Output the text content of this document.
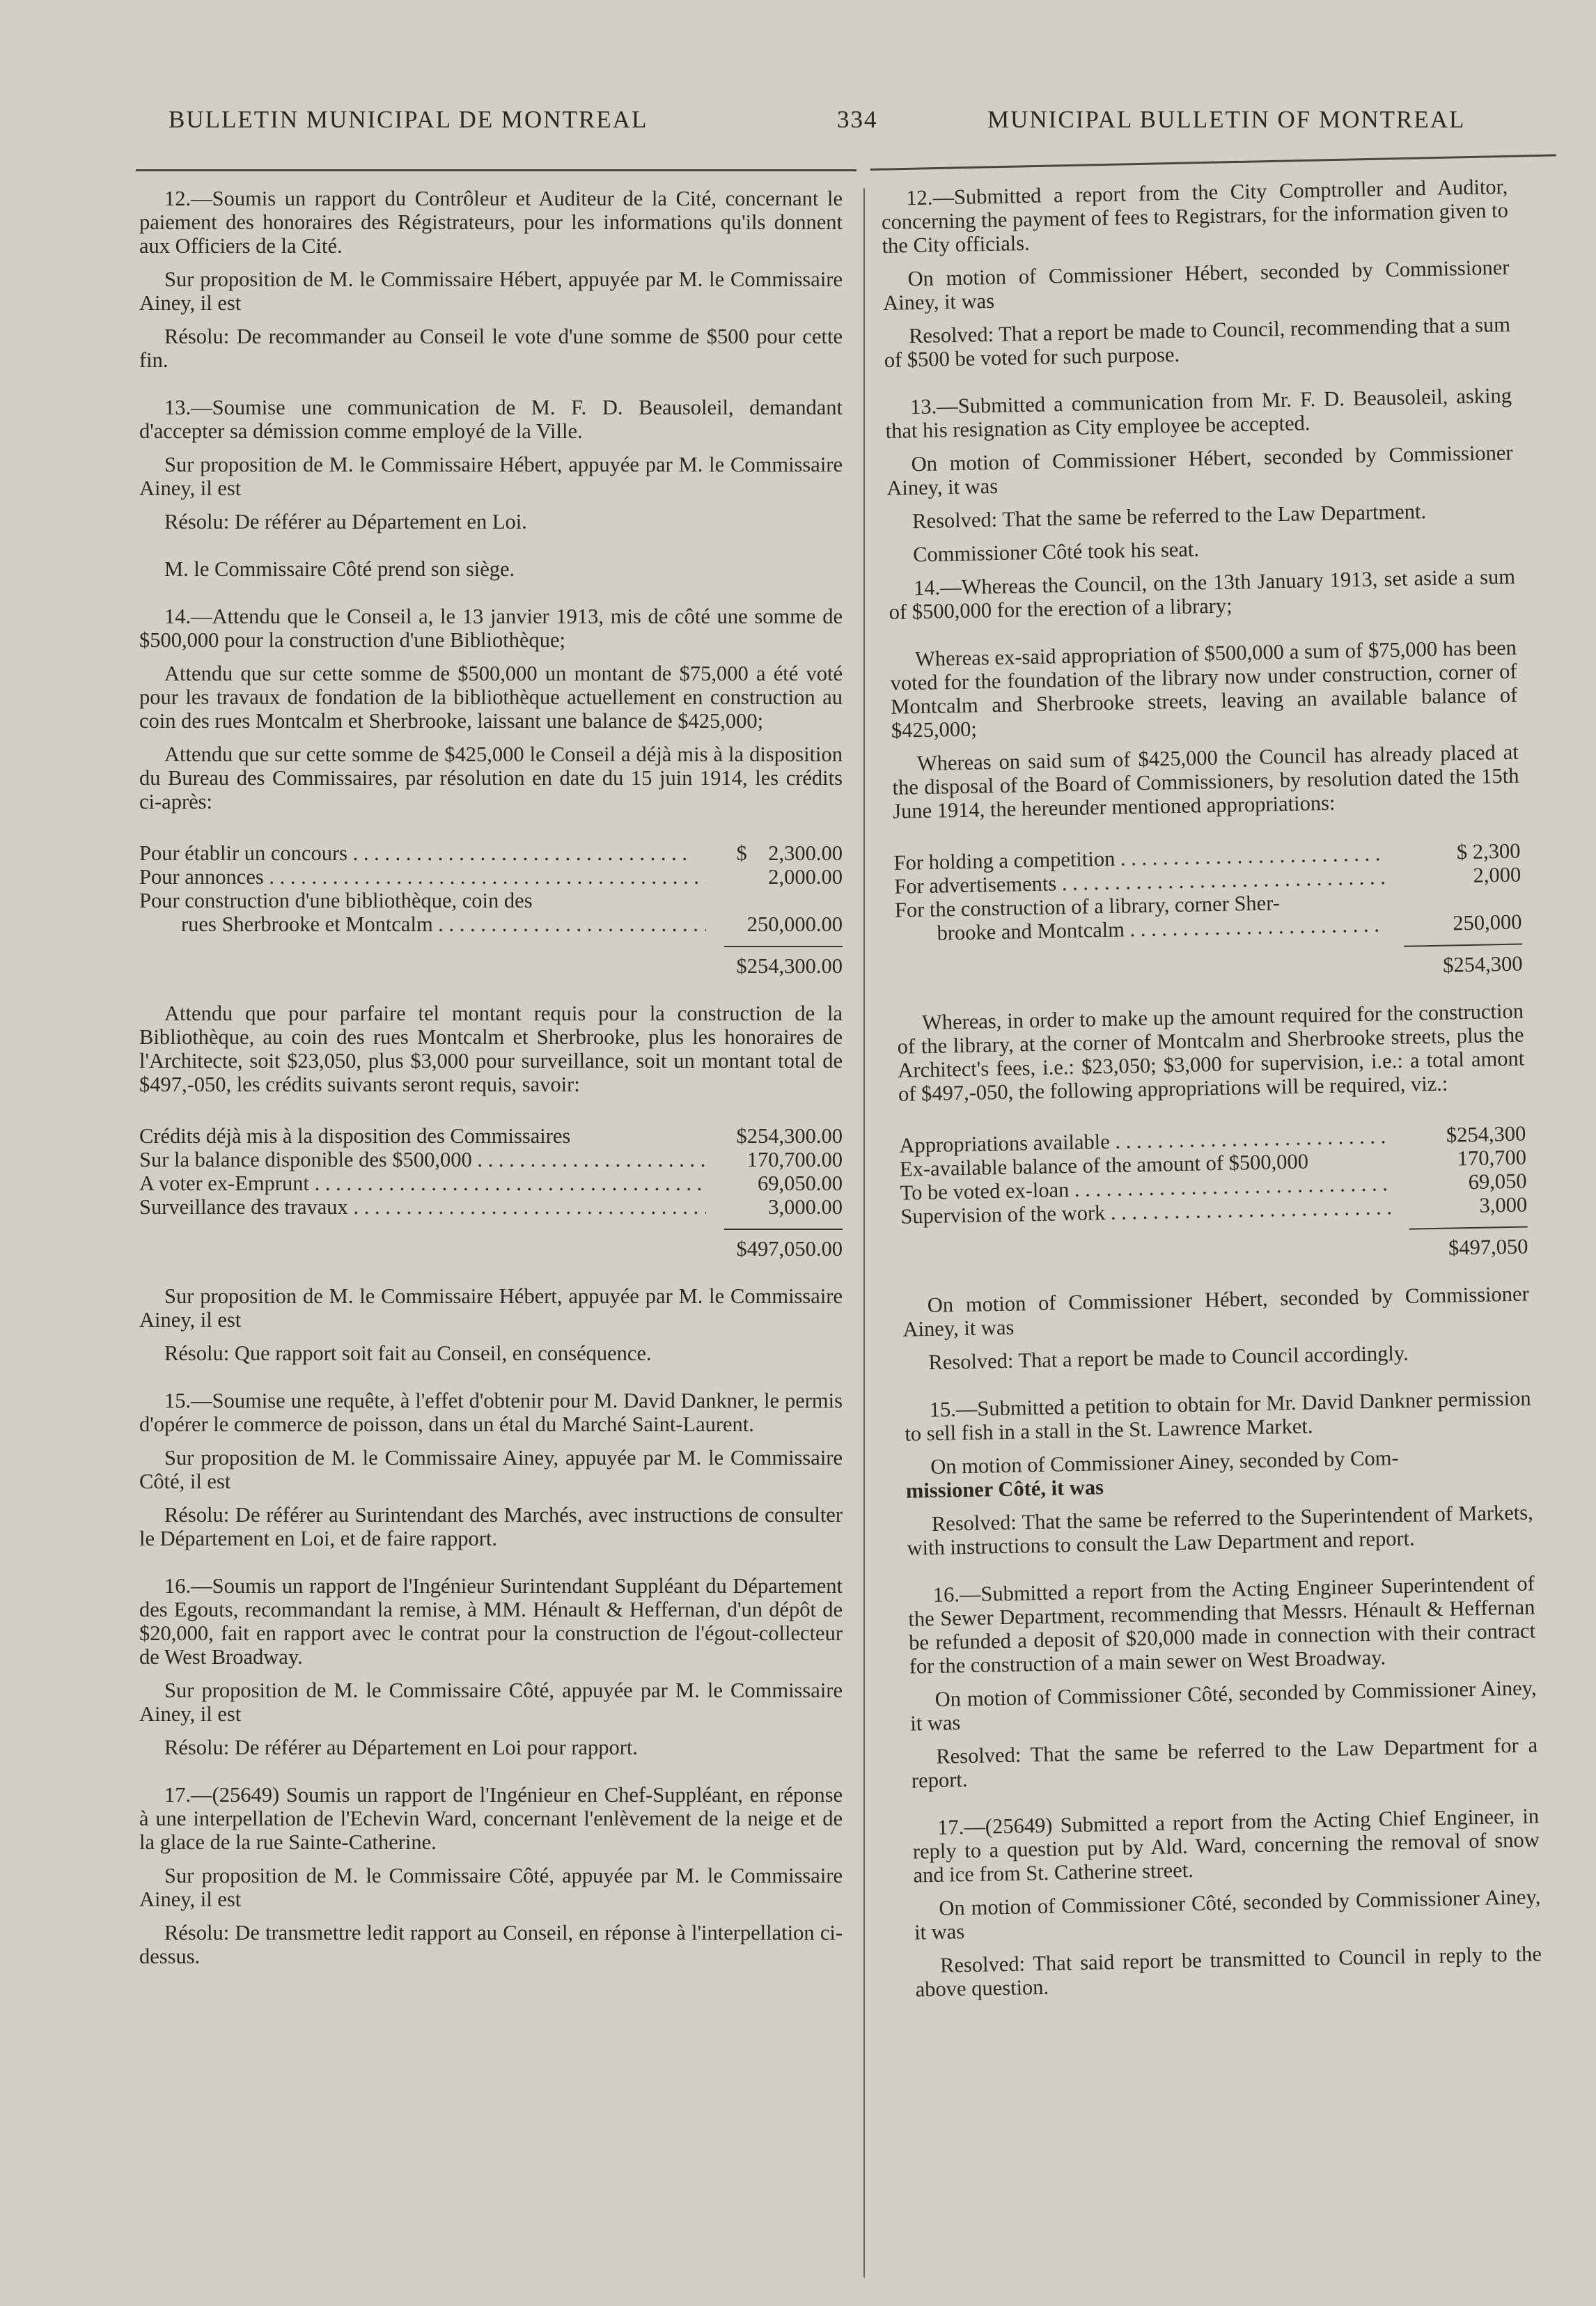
BULLETIN MUNICIPAL DE MONTREAL	334	MUNICIPAL BULLETIN OF MONTREAL

12.—Soumis un rapport du Contrôleur et Auditeur de la Cité, concernant le paiement des honoraires des Régistrateurs, pour les informations qu'ils donnent aux Officiers de la Cité.

Sur proposition de M. le Commissaire Hébert, appuyée par M. le Commissaire Ainey, il est

Résolu: De recommander au Conseil le vote d'une somme de $500 pour cette fin.

13.—Soumise une communication de M. F. D. Beausoleil, demandant d'accepter sa démission comme employé de la Ville.

Sur proposition de M. le Commissaire Hébert, appuyée par M. le Commissaire Ainey, il est

Résolu: De référer au Département en Loi.

M. le Commissaire Côté prend son siège.

14.—Attendu que le Conseil a, le 13 janvier 1913, mis de côté une somme de $500,000 pour la construction d'une Bibliothèque;

Attendu que sur cette somme de $500,000 un montant de $75,000 a été voté pour les travaux de fondation de la bibliothèque actuellement en construction au coin des rues Montcalm et Sherbrooke, laissant une balance de $425,000;

Attendu que sur cette somme de $425,000 le Conseil a déjà mis à la disposition du Bureau des Commissaires, par résolution en date du 15 juin 1914, les crédits ci-après:

Pour établir un concours . . .	$ 2,300.00
Pour annonces . . .	2,000.00
Pour construction d'une bibliothèque, coin des
rues Sherbrooke et Montcalm . . .	250,000.00
$254,300.00

Attendu que pour parfaire tel montant requis pour la construction de la Bibliothèque, au coin des rues Montcalm et Sherbrooke, plus les honoraires de l'Architecte, soit $23,050, plus $3,000 pour surveillance, soit un montant total de $497,-050, les crédits suivants seront requis, savoir:

Crédits déjà mis à la disposition des Commissaires	$254,300.00
Sur la balance disponible des $500,000 . . .	170,700.00
A voter ex-Emprunt . . .	69,050.00
Surveillance des travaux . . .	3,000.00
$497,050.00

Sur proposition de M. le Commissaire Hébert, appuyée par M. le Commissaire Ainey, il est

Résolu: Que rapport soit fait au Conseil, en conséquence.

15.—Soumise une requête, à l'effet d'obtenir pour M. David Dankner, le permis d'opérer le commerce de poisson, dans un étal du Marché Saint-Laurent.

Sur proposition de M. le Commissaire Ainey, appuyée par M. le Commissaire Côté, il est

Résolu: De référer au Surintendant des Marchés, avec instructions de consulter le Département en Loi, et de faire rapport.

16.—Soumis un rapport de l'Ingénieur Surintendant Suppléant du Département des Egouts, recommandant la remise, à MM. Hénault & Heffernan, d'un dépôt de $20,000, fait en rapport avec le contrat pour la construction de l'égout-collecteur de West Broadway.

Sur proposition de M. le Commissaire Côté, appuyée par M. le Commissaire Ainey, il est

Résolu: De référer au Département en Loi pour rapport.

17.—(25649) Soumis un rapport de l'Ingénieur en Chef-Suppléant, en réponse à une interpellation de l'Echevin Ward, concernant l'enlèvement de la neige et de la glace de la rue Sainte-Catherine.

Sur proposition de M. le Commissaire Côté, appuyée par M. le Commissaire Ainey, il est

Résolu: De transmettre ledit rapport au Conseil, en réponse à l'interpellation ci-dessus.

12.—Submitted a report from the City Comptroller and Auditor, concerning the payment of fees to Registrars, for the information given to the City officials.

On motion of Commissioner Hébert, seconded by Commissioner Ainey, it was

Resolved: That a report be made to Council, recommending that a sum of $500 be voted for such purpose.

13.—Submitted a communication from Mr. F. D. Beausoleil, asking that his resignation as City employee be accepted.

On motion of Commissioner Hébert, seconded by Commissioner Ainey, it was

Resolved: That the same be referred to the Law Department.

Commissioner Côté took his seat.

14.—Whereas the Council, on the 13th January 1913, set aside a sum of $500,000 for the erection of a library;

Whereas ex-said appropriation of $500,000 a sum of $75,000 has been voted for the foundation of the library now under construction, corner of Montcalm and Sherbrooke streets, leaving an available balance of $425,000;

Whereas on said sum of $425,000 the Council has already placed at the disposal of the Board of Commissioners, by resolution dated the 15th June 1914, the hereunder mentioned appropriations:

For holding a competition . . .	$ 2,300
For advertisements . . .	2,000
For the construction of a library, corner Sher-
brooke and Montcalm . . .	250,000
$254,300

Whereas, in order to make up the amount required for the construction of the library, at the corner of Montcalm and Sherbrooke streets, plus the Architect's fees, i.e.: $23,050; $3,000 for supervision, i.e.: a total amont of $497,-050, the following appropriations will be required, viz.:

Appropriations available . . .	$254,300
Ex-available balance of the amount of $500,000	170,700
To be voted ex-loan . . .	69,050
Supervision of the work . . .	3,000
$497,050

On motion of Commissioner Hébert, seconded by Commissioner Ainey, it was

Resolved: That a report be made to Council accordingly.

15.—Submitted a petition to obtain for Mr. David Dankner permission to sell fish in a stall in the St. Lawrence Market.

On motion of Commissioner Ainey, seconded by Com-
missioner Côté, it was

Resolved: That the same be referred to the Superintendent of Markets, with instructions to consult the Law Department and report.

16.—Submitted a report from the Acting Engineer Superintendent of the Sewer Department, recommending that Messrs. Hénault & Heffernan be refunded a deposit of $20,000 made in connection with their contract for the construction of a main sewer on West Broadway.

On motion of Commissioner Côté, seconded by Commissioner Ainey, it was

Resolved: That the same be referred to the Law Department for a report.

17.—(25649) Submitted a report from the Acting Chief Engineer, in reply to a question put by Ald. Ward, concerning the removal of snow and ice from St. Catherine street.

On motion of Commissioner Côté, seconded by Commissioner Ainey, it was

Resolved: That said report be transmitted to Council in reply to the above question.
